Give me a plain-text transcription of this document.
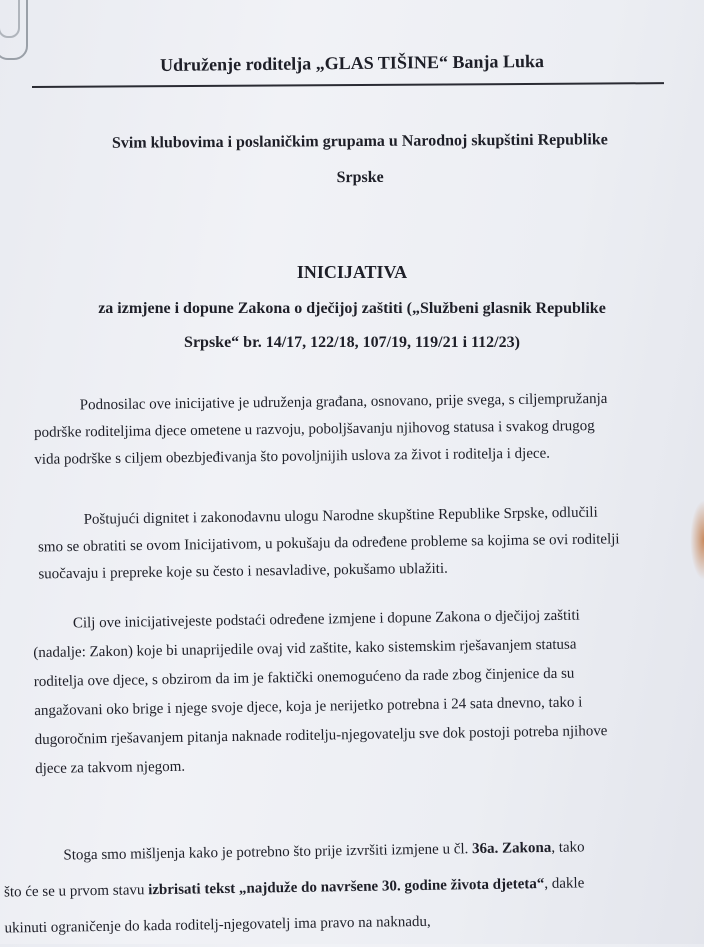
Udruženje roditelja „GLAS TIŠINE“ Banja Luka
Svim klubovima i poslaničkim grupama u Narodnoj skupštini Republike
Srpske
INICIJATIVA
za izmjene i dopune Zakona o dječijoj zaštiti („Službeni glasnik Republike
Srpske“ br. 14/17, 122/18, 107/19, 119/21 i 112/23)
Podnosilac ove inicijative je udruženja građana, osnovano, prije svega, s ciljempružanja
podrške roditeljima djece ometene u razvoju, poboljšavanju njihovog statusa i svakog drugog
vida podrške s ciljem obezbjeđivanja što povoljnijih uslova za život i roditelja i djece.
Poštujući dignitet i zakonodavnu ulogu Narodne skupštine Republike Srpske, odlučili
smo se obratiti se ovom Inicijativom, u pokušaju da određene probleme sa kojima se ovi roditelji
suočavaju i prepreke koje su često i nesavladive, pokušamo ublažiti.
Cilj ove inicijativejeste podstaći određene izmjene i dopune Zakona o dječijoj zaštiti
(nadalje: Zakon) koje bi unaprijedile ovaj vid zaštite, kako sistemskim rješavanjem statusa
roditelja ove djece, s obzirom da im je faktički onemogućeno da rade zbog činjenice da su
angažovani oko brige i njege svoje djece, koja je nerijetko potrebna i 24 sata dnevno, tako i
dugoročnim rješavanjem pitanja naknade roditelju-njegovatelju sve dok postoji potreba njihove
djece za takvom njegom.
Stoga smo mišljenja kako je potrebno što prije izvršiti izmjene u čl. 36a. Zakona, tako
što će se u prvom stavu izbrisati tekst „najduže do navršene 30. godine života djeteta“, dakle
ukinuti ograničenje do kada roditelj-njegovatelj ima pravo na naknadu,
